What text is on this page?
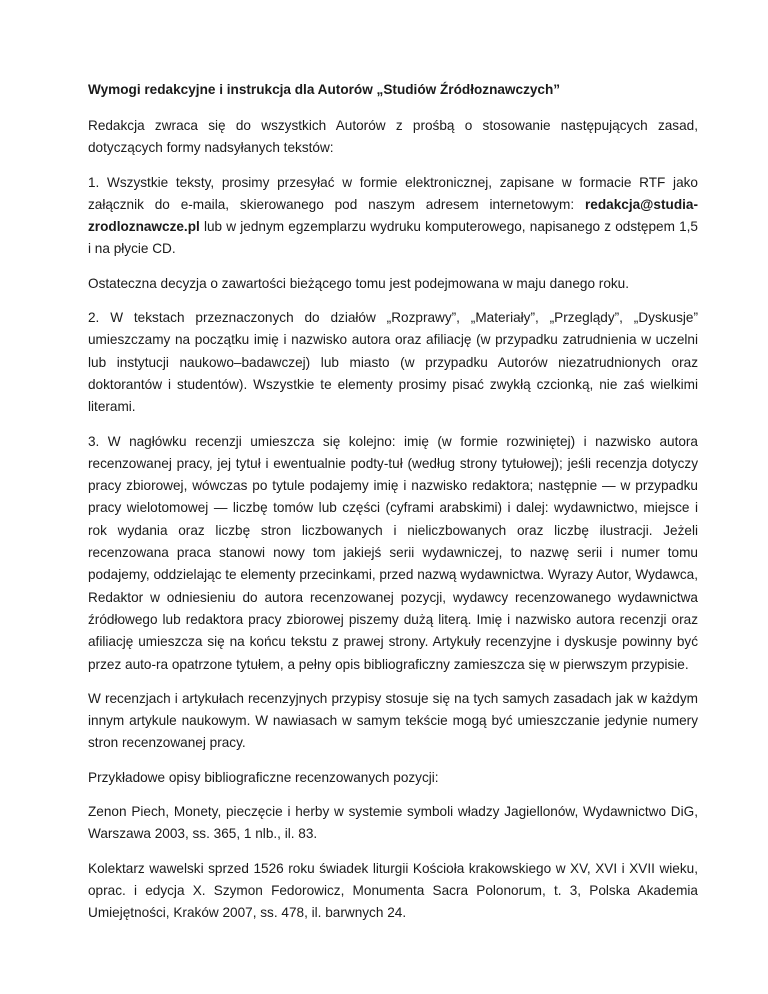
Wymogi redakcyjne i instrukcja dla Autorów „Studiów Źródłoznawczych”

Redakcja zwraca się do wszystkich Autorów z prośbą o stosowanie następujących zasad, dotyczących formy nadsyłanych tekstów:

1. Wszystkie teksty, prosimy przesyłać w formie elektronicznej, zapisane w formacie RTF jako załącznik do e-maila, skierowanego pod naszym adresem internetowym: redakcja@studia-zrodloznawcze.pl lub w jednym egzemplarzu wydruku komputerowego, napisanego z odstępem 1,5 i na płycie CD.

Ostateczna decyzja o zawartości bieżącego tomu jest podejmowana w maju danego roku.

2. W tekstach przeznaczonych do działów „Rozprawy”, „Materiały”, „Przeglądy”, „Dyskusje” umieszczamy na początku imię i nazwisko autora oraz afiliację (w przypadku zatrudnienia w uczelni lub instytucji naukowo–badawczej) lub miasto (w przypadku Autorów niezatrudnionych oraz doktorantów i studentów). Wszystkie te elementy prosimy pisać zwykłą czcionką, nie zaś wielkimi literami.

3. W nagłówku recenzji umieszcza się kolejno: imię (w formie rozwiniętej) i nazwisko autora recenzowanej pracy, jej tytuł i ewentualnie podty-tuł (według strony tytułowej); jeśli recenzja dotyczy pracy zbiorowej, wówczas po tytule podajemy imię i nazwisko redaktora; następnie — w przypadku pracy wielotomowej — liczbę tomów lub części (cyframi arabskimi) i dalej: wydawnictwo, miejsce i rok wydania oraz liczbę stron liczbowanych i nieliczbowanych oraz liczbę ilustracji. Jeżeli recenzowana praca stanowi nowy tom jakiejś serii wydawniczej, to nazwę serii i numer tomu podajemy, oddzielając te elementy przecinkami, przed nazwą wydawnictwa. Wyrazy Autor, Wydawca, Redaktor w odniesieniu do autora recenzowanej pozycji, wydawcy recenzowanego wydawnictwa źródłowego lub redaktora pracy zbiorowej piszemy dużą literą. Imię i nazwisko autora recenzji oraz afiliację umieszcza się na końcu tekstu z prawej strony. Artykuły recenzyjne i dyskusje powinny być przez auto-ra opatrzone tytułem, a pełny opis bibliograficzny zamieszcza się w pierwszym przypisie.

W recenzjach i artykułach recenzyjnych przypisy stosuje się na tych samych zasadach jak w każdym innym artykule naukowym. W nawiasach w samym tekście mogą być umieszczanie jedynie numery stron recenzowanej pracy.

Przykładowe opisy bibliograficzne recenzowanych pozycji:

Zenon Piech, Monety, pieczęcie i herby w systemie symboli władzy Jagiellonów, Wydawnictwo DiG, Warszawa 2003, ss. 365, 1 nlb., il. 83.

Kolektarz wawelski sprzed 1526 roku świadek liturgii Kościoła krakowskiego w XV, XVI i XVII wieku, oprac. i edycja X. Szymon Fedorowicz, Monumenta Sacra Polonorum, t. 3, Polska Akademia Umiejętności, Kraków 2007, ss. 478, il. barwnych 24.
